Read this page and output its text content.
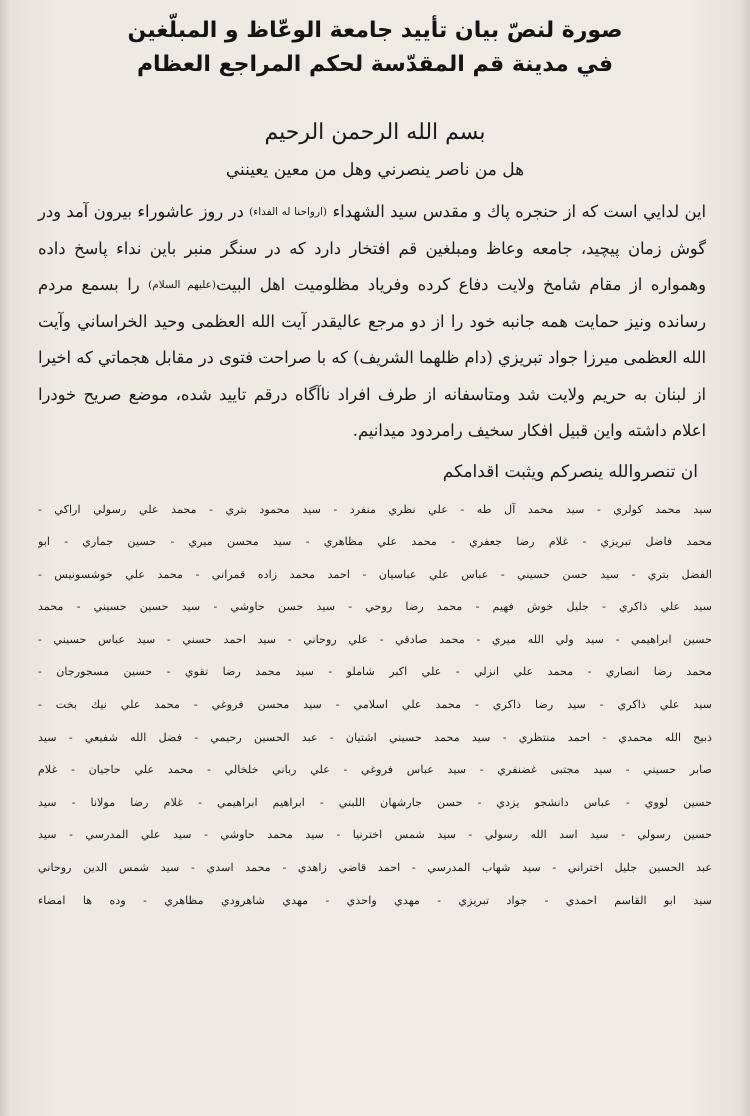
صورة لنصّ بيان تأييد جامعة الوعّاظ و المبلّغين
في مدينة قم المقدّسة لحكم المراجع العظام
بسم الله الرحمن الرحيم
هل من ناصر ينصرني وهل من معين يعينني
اين لدايي است كه از حنجره پاك و مقدس سيد الشهداء $^{(ارواحنا له الفداء)}$ در روز عاشوراء بيرون آمد ودر گوش زمان پيچيد، جامعه وعاظ ومبلغين قم افتخار دارد كه در سنگر منبر باين نداء پاسخ داده وهمواره از مقام شامخ ولايت دفاع كرده وفرياد مظلوميت اهل البيت$^{(عليهم السلام)}$ را بسمع مردم رسانده ونيز حمايت همه جانبه خود را از دو مرجع عاليقدر آيت الله العظمى وحيد الخراساني وآيت الله العظمى ميرزا جواد تبريزي (دام ظلهما الشريف) كه با صراحت فتوى در مقابل هجماتي كه اخيرا از لبنان به حريم ولايت شد ومتاسفانه از طرف افراد ناآگاه درقم تاييد شده، موضع صريح خودرا اعلام داشته واين قبيل افكار سخيف رامردود ميدانيم.
ان تنصروالله ينصركم ويثبت اقدامكم
سيد محمد كولري - سيد محمد آل طه - علي نظري منفرد - سيد محمود بتري - محمد علي رسولي اراكي -
محمد فاضل تبريزي - غلام رضا جعفري - محمد علي مظاهري - سيد محسن ميري - حسين جماري - ابو
الفضل بتري - سيد حسن حسيني - عباس علي عباسيان - احمد محمد زاده قمراني - محمد علي خوشسونيس -
سيد علي ذاكري - جليل خوش فهيم - محمد رضا روحي - سيد حسن حاوشي - سيد حسين حسيني - محمد
حسين ابراهيمي - سيد ولي الله ميري - محمد صادقي - علي روحاني - سيد احمد حسني - سيد عباس حسيني -
محمد رضا انصاري - محمد علي انزلي - علي اكبر شاملو - سيد محمد رضا تقوي - حسين مسجورجان -
سيد علي ذاكري - سيد رضا ذاكري - محمد علي اسلامي - سيد محسن فروغي - محمد علي نيك بخت -
ذبيح الله محمدي - احمد منتظري - سيد محمد حسيني اشتيان - عبد الحسين رحيمي - فضل الله شفيعي - سيد
صابر حسيني - سيد مجتبى غضنفري - سيد عباس فروغي - علي رباني خلخالي - محمد علي حاجيان - غلام
حسين لووي - عباس دانشجو يزدي - حسن جارشهان اللبني - ابراهيم ابراهيمي - غلام رضا مولانا - سيد
حسين رسولي - سيد اسد الله رسولي - سيد شمس اخترنيا - سيد محمد حاوشي - سيد علي المدرسي - سيد
عبد الحسين جليل اختراني - سيد شهاب المدرسي - احمد قاضي زاهدي - محمد اسدي - سيد شمس الدين روحاني
سيد ابو القاسم احمدي - جواد تبريزي - مهدي واحدي - مهدي شاهرودي مظاهري - وده ها امضاء
